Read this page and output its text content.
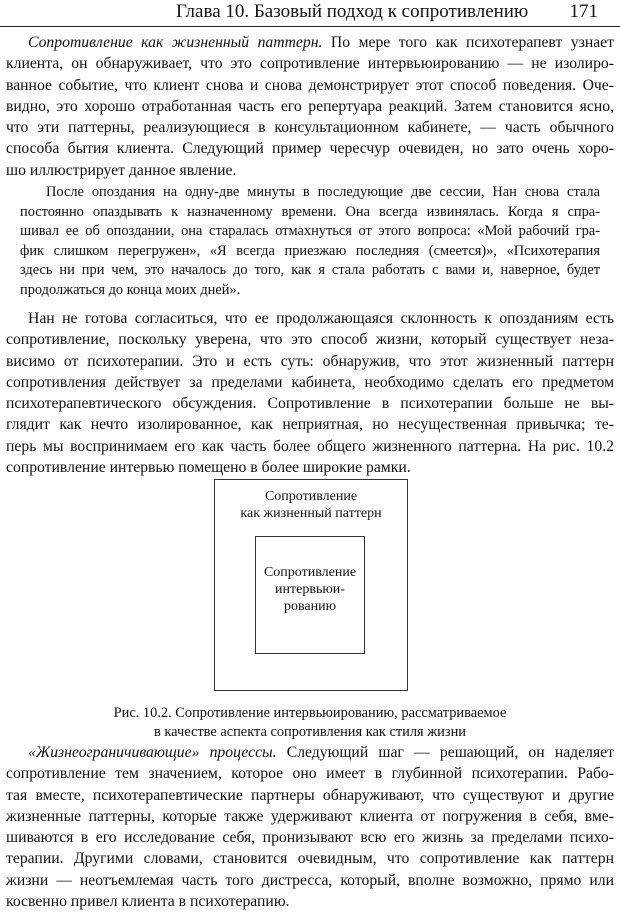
Глава 10. Базовый подход к сопротивлению 171
Сопротивление как жизненный паттерн. По мере того как психотерапевт узнает
клиента, он обнаруживает, что это сопротивление интервьюированию — не изолиро-
ванное событие, что клиент снова и снова демонстрирует этот способ поведения. Оче-
видно, это хорошо отработанная часть его репертуара реакций. Затем становится ясно,
что эти паттерны, реализующиеся в консультационном кабинете, — часть обычного
способа бытия клиента. Следующий пример чересчур очевиден, но зато очень хоро-
шо иллюстрирует данное явление.
После опоздания на одну-две минуты в последующие две сессии, Нан снова стала
постоянно опаздывать к назначенному времени. Она всегда извинялась. Когда я спра-
шивал ее об опоздании, она старалась отмахнуться от этого вопроса: «Мой рабочий гра-
фик слишком перегружен», «Я всегда приезжаю последняя (смеется)», «Психотерапия
здесь ни при чем, это началось до того, как я стала работать с вами и, наверное, будет
продолжаться до конца моих дней».
Нан не готова согласиться, что ее продолжающаяся склонность к опозданиям есть
сопротивление, поскольку уверена, что это способ жизни, который существует неза-
висимо от психотерапии. Это и есть суть: обнаружив, что этот жизненный паттерн
сопротивления действует за пределами кабинета, необходимо сделать его предметом
психотерапевтического обсуждения. Сопротивление в психотерапии больше не вы-
глядит как нечто изолированное, как неприятная, но несущественная привычка; те-
перь мы воспринимаем его как часть более общего жизненного паттерна. На рис. 10.2
сопротивление интервью помещено в более широкие рамки.
Сопротивление
как жизненный паттерн
Сопротивление
интервьюи-
рованию
Рис. 10.2. Сопротивление интервьюированию, рассматриваемое
в качестве аспекта сопротивления как стиля жизни
«Жизнеограничивающие» процессы. Следующий шаг — решающий, он наделяет
сопротивление тем значением, которое оно имеет в глубинной психотерапии. Рабо-
тая вместе, психотерапевтические партнеры обнаруживают, что существуют и другие
жизненные паттерны, которые также удерживают клиента от погружения в себя, вме-
шиваются в его исследование себя, пронизывают всю его жизнь за пределами психо-
терапии. Другими словами, становится очевидным, что сопротивление как паттерн
жизни — неотъемлемая часть того дистресса, который, вполне возможно, прямо или
косвенно привел клиента в психотерапию.
